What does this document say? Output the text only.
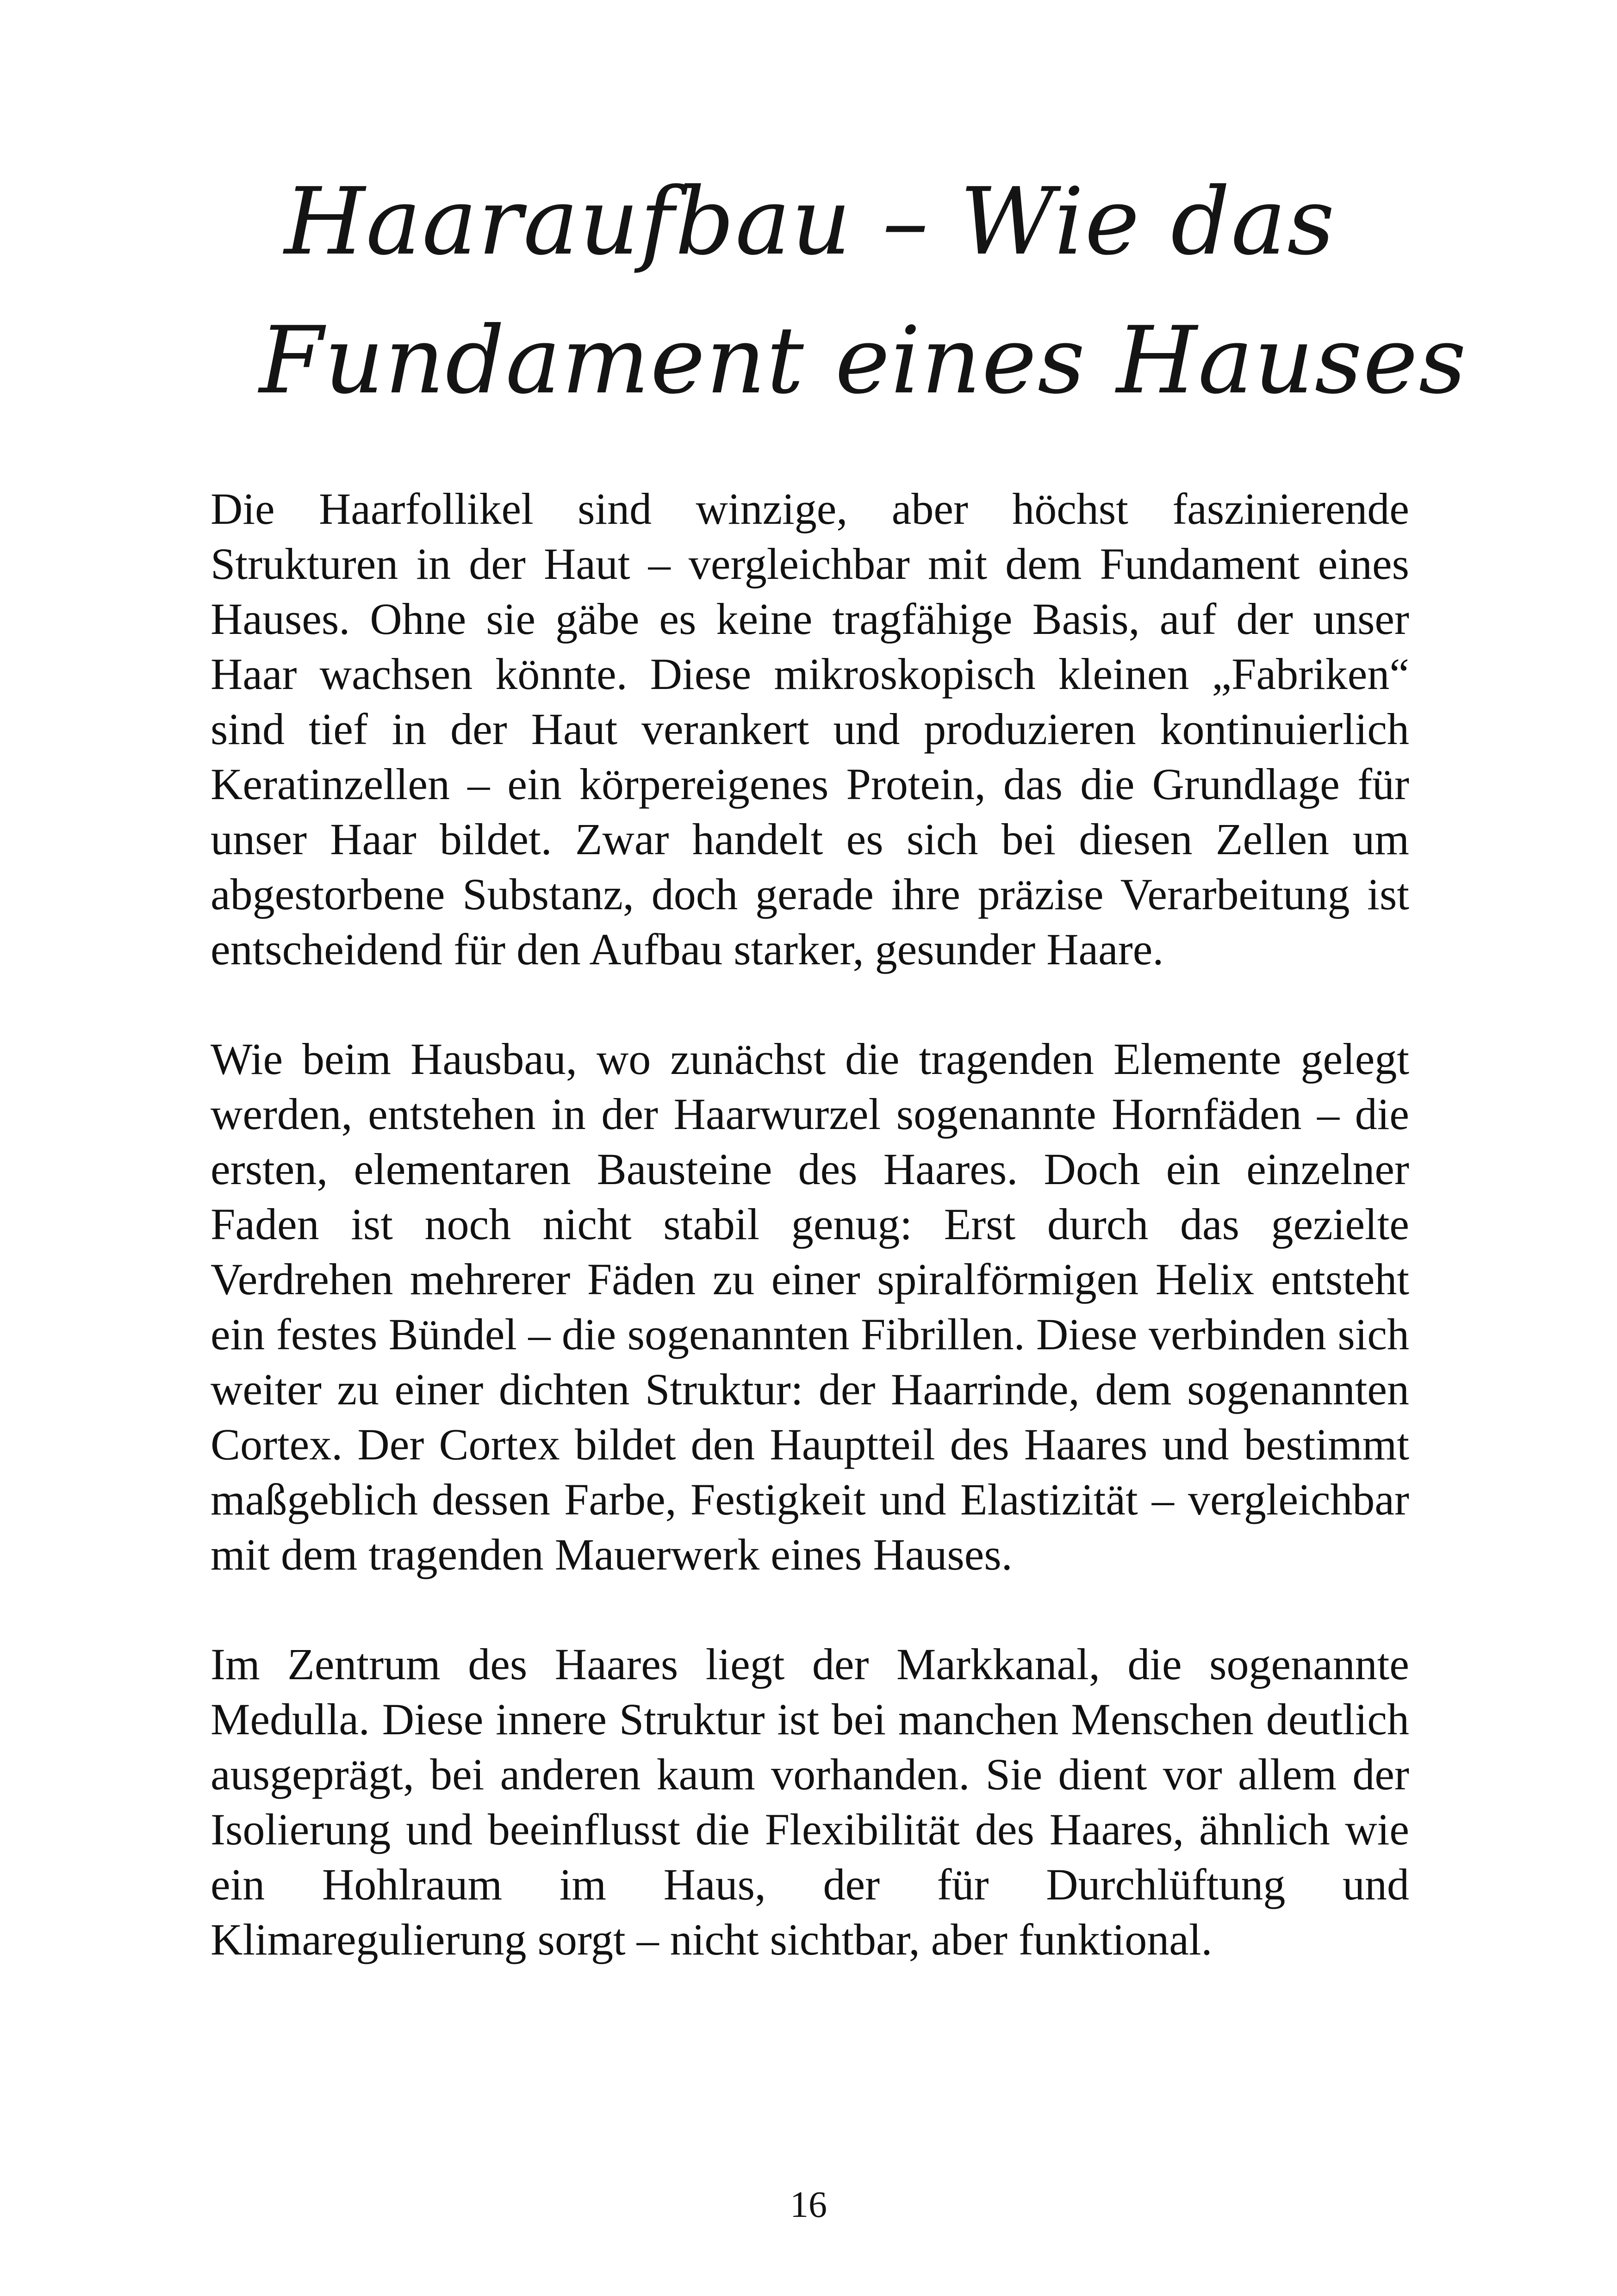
Haaraufbau – Wie das
Fundament eines Hauses

Die Haarfollikel sind winzige, aber höchst faszinierende Strukturen in der Haut – vergleichbar mit dem Fundament eines Hauses. Ohne sie gäbe es keine tragfähige Basis, auf der unser Haar wachsen könnte. Diese mikroskopisch kleinen „Fabriken“ sind tief in der Haut verankert und produzieren kontinuierlich Keratinzellen – ein körpereigenes Protein, das die Grundlage für unser Haar bildet. Zwar handelt es sich bei diesen Zellen um abgestorbene Substanz, doch gerade ihre präzise Verarbeitung ist entscheidend für den Aufbau starker, gesunder Haare.

Wie beim Hausbau, wo zunächst die tragenden Elemente gelegt werden, entstehen in der Haarwurzel sogenannte Hornfäden – die ersten, elementaren Bausteine des Haares. Doch ein einzelner Faden ist noch nicht stabil genug: Erst durch das gezielte Verdrehen mehrerer Fäden zu einer spiralförmigen Helix entsteht ein festes Bündel – die sogenannten Fibrillen. Diese verbinden sich weiter zu einer dichten Struktur: der Haarrinde, dem sogenannten Cortex. Der Cortex bildet den Hauptteil des Haares und bestimmt maßgeblich dessen Farbe, Festigkeit und Elastizität – vergleichbar mit dem tragenden Mauerwerk eines Hauses.

Im Zentrum des Haares liegt der Markkanal, die sogenannte Medulla. Diese innere Struktur ist bei manchen Menschen deutlich ausgeprägt, bei anderen kaum vorhanden. Sie dient vor allem der Isolierung und beeinflusst die Flexibilität des Haares, ähnlich wie ein Hohlraum im Haus, der für Durchlüftung und Klimaregulierung sorgt – nicht sichtbar, aber funktional.

16
